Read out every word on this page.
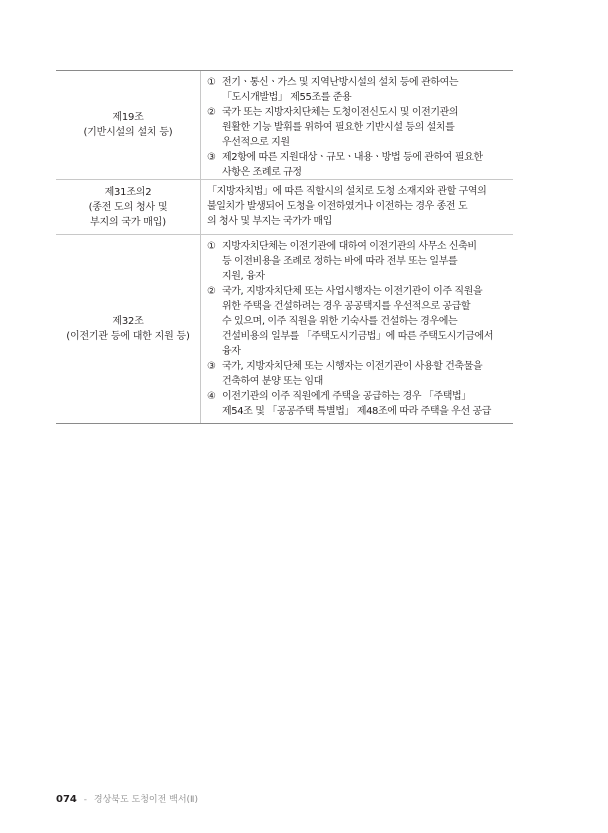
제19조
(기반시설의 설치 등)
① 전기ㆍ통신ㆍ가스 및 지역난방시설의 설치 등에 관하여는
「도시개발법」 제55조를 준용
② 국가 또는 지방자치단체는 도청이전신도시 및 이전기관의
원활한 기능 발휘를 위하여 필요한 기반시설 등의 설치를
우선적으로 지원
③ 제2항에 따른 지원대상ㆍ규모ㆍ내용ㆍ방법 등에 관하여 필요한
사항은 조례로 규정
제31조의2
(종전 도의 청사 및
부지의 국가 매입)
「지방자치법」에 따른 직할시의 설치로 도청 소재지와 관할 구역의
불일치가 발생되어 도청을 이전하였거나 이전하는 경우 종전 도
의 청사 및 부지는 국가가 매입
제32조
(이전기관 등에 대한 지원 등)
① 지방자치단체는 이전기관에 대하여 이전기관의 사무소 신축비
등 이전비용을 조례로 정하는 바에 따라 전부 또는 일부를
지원, 융자
② 국가, 지방자치단체 또는 사업시행자는 이전기관이 이주 직원을
위한 주택을 건설하려는 경우 공공택지를 우선적으로 공급할
수 있으며, 이주 직원을 위한 기숙사를 건설하는 경우에는
건설비용의 일부를 「주택도시기금법」에 따른 주택도시기금에서
융자
③ 국가, 지방자치단체 또는 시행자는 이전기관이 사용할 건축물을
건축하여 분양 또는 임대
④ 이전기관의 이주 직원에게 주택을 공급하는 경우 「주택법」
제54조 및 「공공주택 특별법」 제48조에 따라 주택을 우선 공급
074 - 경상북도 도청이전 백서(Ⅱ)
